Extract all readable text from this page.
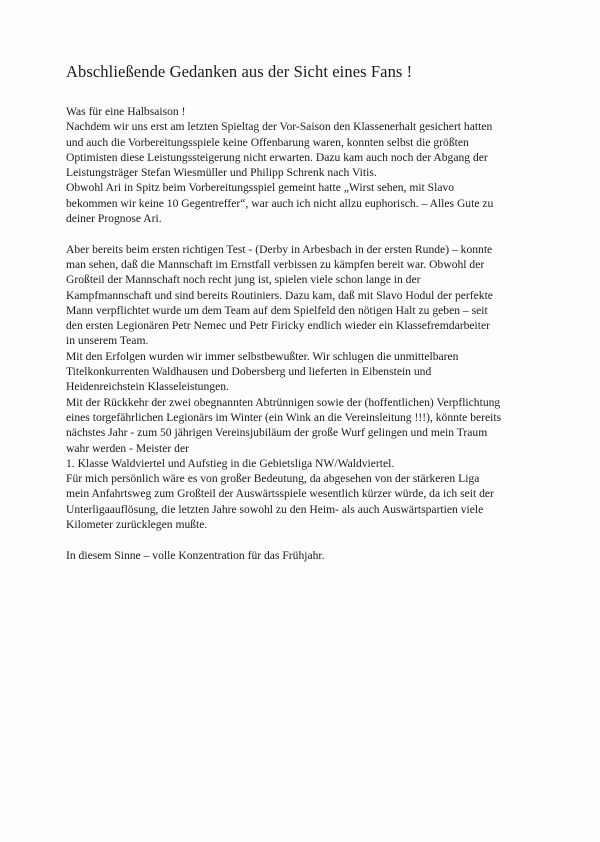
Abschließende Gedanken aus der Sicht eines Fans !

Was für eine Halbsaison !
Nachdem wir uns erst am letzten Spieltag der Vor-Saison den Klassenerhalt gesichert hatten
und auch die Vorbereitungsspiele keine Offenbarung waren, konnten selbst die größten
Optimisten diese Leistungssteigerung nicht erwarten. Dazu kam auch noch der Abgang der
Leistungsträger Stefan Wiesmüller und Philipp Schrenk nach Vitis.
Obwohl Ari in Spitz beim Vorbereitungsspiel gemeint hatte „Wirst sehen, mit Slavo
bekommen wir keine 10 Gegentreffer“, war auch ich nicht allzu euphorisch. – Alles Gute zu
deiner Prognose Ari.

Aber bereits beim ersten richtigen Test - (Derby in Arbesbach in der ersten Runde) – konnte
man sehen, daß die Mannschaft im Ernstfall verbissen zu kämpfen bereit war. Obwohl der
Großteil der Mannschaft noch recht jung ist, spielen viele schon lange in der
Kampfmannschaft und sind bereits Routiniers. Dazu kam, daß mit Slavo Hodul der perfekte
Mann verpflichtet wurde um dem Team auf dem Spielfeld den nötigen Halt zu geben – seit
den ersten Legionären Petr Nemec und Petr Firicky endlich wieder ein Klassefremdarbeiter
in unserem Team.
Mit den Erfolgen wurden wir immer selbstbewußter. Wir schlugen die unmittelbaren
Titelkonkurrenten Waldhausen und Dobersberg und lieferten in Eibenstein und
Heidenreichstein Klasseleistungen.
Mit der Rückkehr der zwei obegnannten Abtrünnigen sowie der (hoffentlichen) Verpflichtung
eines torgefährlichen Legionärs im Winter (ein Wink an die Vereinsleitung !!!), könnte bereits
nächstes Jahr - zum 50 jährigen Vereinsjubiläum der große Wurf gelingen und mein Traum
wahr werden - Meister der
1. Klasse Waldviertel und Aufstieg in die Gebietsliga NW/Waldviertel.
Für mich persönlich wäre es von großer Bedeutung, da abgesehen von der stärkeren Liga
mein Anfahrtsweg zum Großteil der Auswärtsspiele wesentlich kürzer würde, da ich seit der
Unterligaauflösung, die letzten Jahre sowohl zu den Heim- als auch Auswärtspartien viele
Kilometer zurücklegen mußte.

In diesem Sinne – volle Konzentration für das Frühjahr.
